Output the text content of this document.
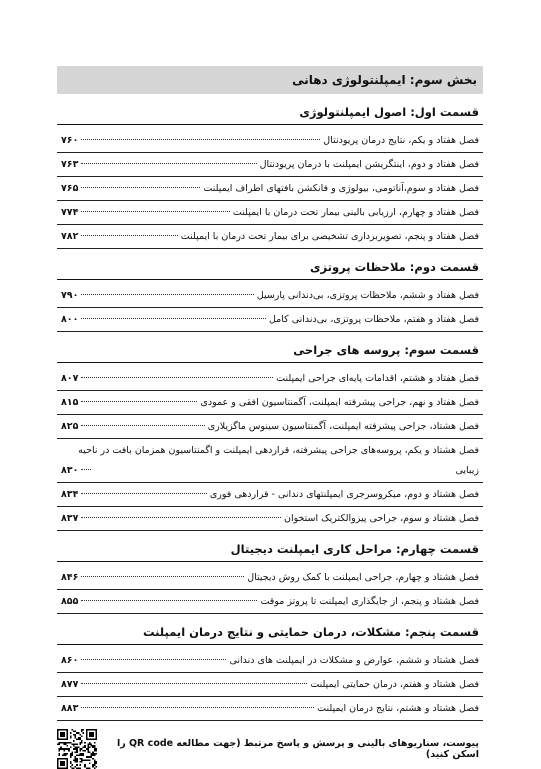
بخش سوم: ایمپلنتولوژی دهانی
قسمت اول: اصول ایمپلنتولوژی
فصل هفتاد و یکم، نتایج درمان پریودنتال
۷۶۰
فصل هفتاد و دوم، اینتگریشن ایمپلنت با درمان پریودنتال
۷۶۳
فصل هفتاد و سوم،آناتومی، بیولوژی و فانکشن بافتهای اطراف ایمپلنت
۷۶۵
فصل هفتاد و چهارم، ارزیابی بالینی بیمار تحت درمان با ایمپلنت
۷۷۴
فصل هفتاد و پنجم، تصویربرداری تشخیصی برای بیمار تحت درمان با ایمپلنت
۷۸۲
قسمت دوم: ملاحظات پروتزی
فصل هفتاد و ششم، ملاحظات پروتزی، بی‌دندانی پارسیل
۷۹۰
فصل هفتاد و هفتم، ملاحظات پروتزی، بی‌دندانی کامل
۸۰۰
قسمت سوم: پروسه های جراحی
فصل هفتاد و هشتم، اقدامات پایه‌ای جراحی ایمپلنت
۸۰۷
فصل هفتاد و نهم، جراحی پیشرفته ایمپلنت، آگمنتاسیون افقی و عمودی
۸۱۵
فصل هشتاد، جراحی پیشرفته ایمپلنت، آگمنتاسیون سینوس ماگزیلاری
۸۲۵
فصل هشتاد و یکم، پروسه‌های جراحی پیشرفته، قراردهی ایمپلنت و اگمنتاسیون همزمان بافت در ناحیه
زیبایی
۸۳۰
فصل هشتاد و دوم، میکروسرجری ایمپلنتهای دندانی - قراردهی فوری
۸۳۴
فصل هشتاد و سوم، جراحی پیزوالکتریک استخوان
۸۳۷
قسمت چهارم: مراحل کاری ایمپلنت دیجیتال
فصل هشتاد و چهارم، جراحی ایمپلنت با کمک روش دیجیتال
۸۴۶
فصل هشتاد و پنجم، از جایگذاری ایمپلنت تا پروتز موقت
۸۵۵
قسمت پنجم: مشکلات، درمان حمایتی و نتایج درمان ایمپلنت
فصل هشتاد و ششم، عوارض و مشکلات در ایمپلنت های دندانی
۸۶۰
فصل هشتاد و هفتم، درمان حمایتی ایمپلنت
۸۷۷
فصل هشتاد و هشتم، نتایج درمان ایمپلنت
۸۸۳
پیوست، سناریوهای بالینی و پرسش و پاسخ مرتبط (جهت مطالعه QR code را اسکن کنید)
